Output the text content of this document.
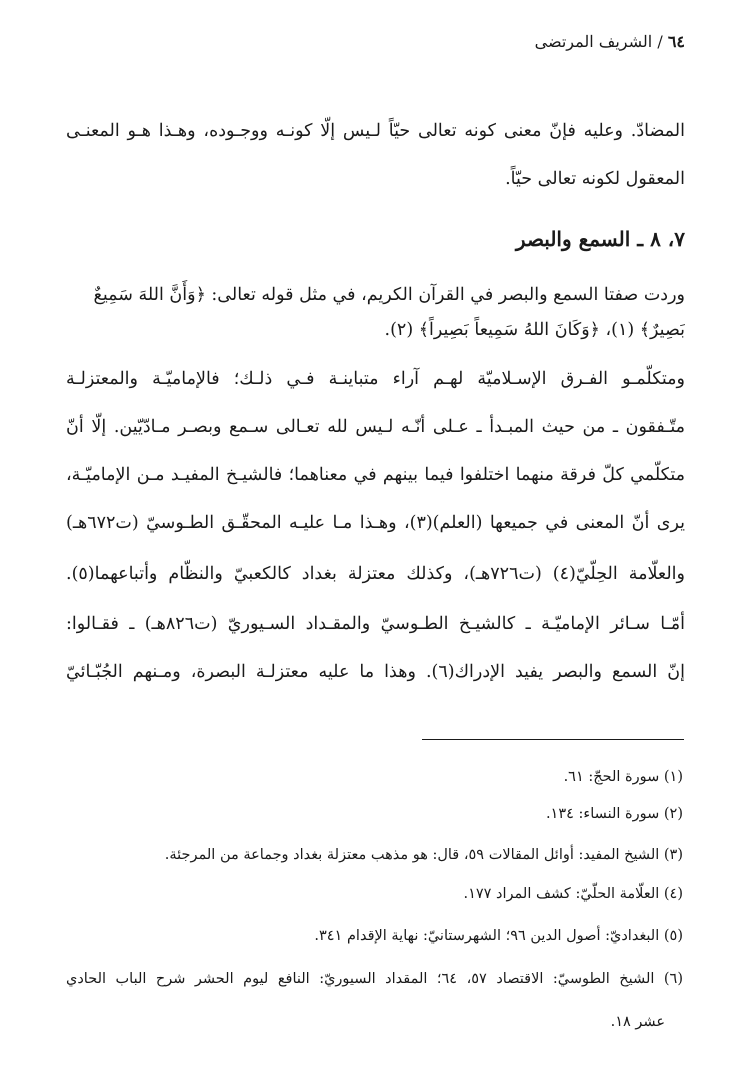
٦٤ / الشريف المرتضى
المضادّ. وعليه فإنّ معنى كونه تعالى حيّاً لـيس إلّا كونـه ووجـوده، وهـذا هـو المعنـى
المعقول لكونه تعالى حيّاً.
٧، ٨ ـ السمع والبصر
وردت صفتا السمع والبصر في القرآن الكريم، في مثل قوله تعالى: ﴿وَأَنَّ اللهَ سَمِيعٌ
بَصِيرٌ﴾ (١)، ﴿وَكَانَ اللهُ سَمِيعاً بَصِيراً﴾ (٢).
ومتكلّمـو الفـرق الإسـلاميّة لهـم آراء متباينـة فـي ذلـك؛ فالإماميّـة والمعتزلـة
متّـفقون ـ من حيث المبـدأ ـ عـلى أنّـه لـيس لله تعـالى سـمع وبصـر مـادّيّين. إلّا أنّ
متكلّمي كلّ فرقة منهما اختلفوا فيما بينهم في معناهما؛ فالشيـخ المفيـد مـن الإماميّـة،
يرى أنّ المعنى في جميعها (العلم)(٣)، وهـذا مـا عليـه المحقّـق الطـوسيّ (ت٦٧٢هـ)
والعلّامة الحِلّيّ(٤) (ت٧٢٦هـ)، وكذلك معتزلة بغداد كالكعبيّ والنظّام وأتباعهما(٥).
أمّـا سـائر الإماميّـة ـ كالشيـخ الطـوسيّ والمقـداد السـيوريّ (ت٨٢٦هـ) ـ فقـالوا:
إنّ السمع والبصر يفيد الإدراك(٦). وهذا ما عليه معتزلـة البصرة، ومـنهم الجُبّـائيّ
(١) سورة الحجّ: ٦١.
(٢) سورة النساء: ١٣٤.
(٣) الشيخ المفيد: أوائل المقالات ٥٩، قال: هو مذهب معتزلة بغداد وجماعة من المرجئة.
(٤) العلّامة الحلّيّ: كشف المراد ١٧٧.
(٥) البغداديّ: أصول الدين ٩٦؛ الشهرستانيّ: نهاية الإقدام ٣٤١.
(٦) الشيخ الطوسيّ: الاقتصاد ٥٧، ٦٤؛ المقداد السيوريّ: النافع ليوم الحشر شرح الباب الحادي
عشر ١٨.
